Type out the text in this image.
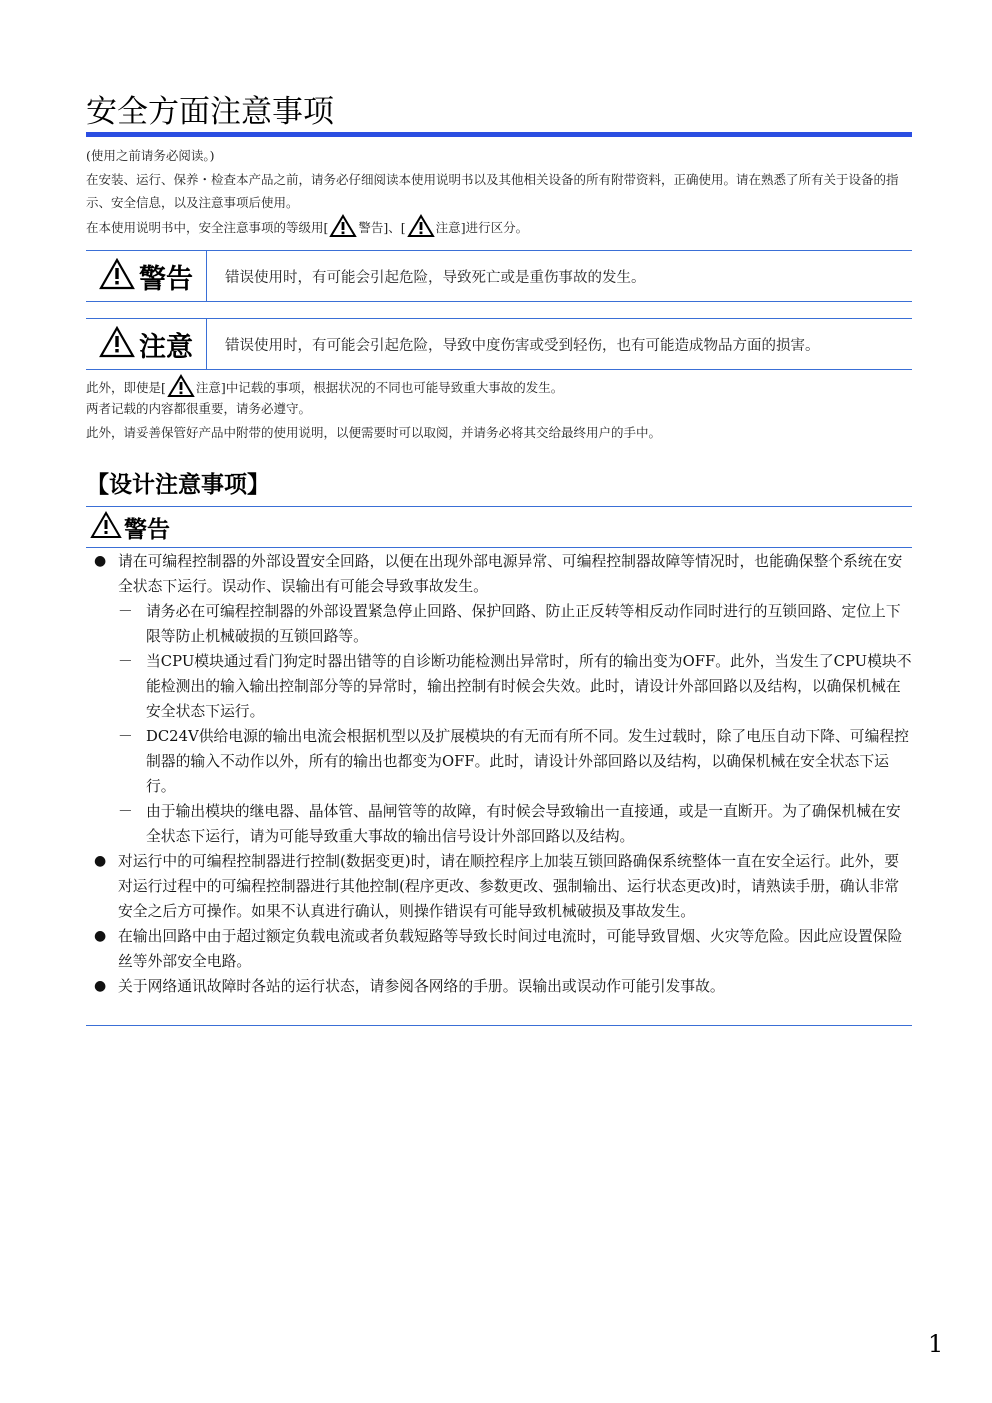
安全方面注意事项
(使用之前请务必阅读。)
在安装、运行、保养・检查本产品之前，请务必仔细阅读本使用说明书以及其他相关设备的所有附带资料，正确使用。请在熟悉了所有关于设备的指示、安全信息，以及注意事项后使用。
在本使用说明书中，安全注意事项的等级用[ 警告]、[ 注意]进行区分。
警告	错误使用时，有可能会引起危险，导致死亡或是重伤事故的发生。
注意	错误使用时，有可能会引起危险，导致中度伤害或受到轻伤，也有可能造成物品方面的损害。
此外，即使是[ 注意]中记载的事项，根据状况的不同也可能导致重大事故的发生。
两者记载的内容都很重要，请务必遵守。
此外，请妥善保管好产品中附带的使用说明，以便需要时可以取阅，并请务必将其交给最终用户的手中。
【设计注意事项】
警告
● 请在可编程控制器的外部设置安全回路，以便在出现外部电源异常、可编程控制器故障等情况时，也能确保整个系统在安全状态下运行。误动作、误输出有可能会导致事故发生。
－ 请务必在可编程控制器的外部设置紧急停止回路、保护回路、防止正反转等相反动作同时进行的互锁回路、定位上下限等防止机械破损的互锁回路等。
－ 当CPU模块通过看门狗定时器出错等的自诊断功能检测出异常时，所有的输出变为OFF。此外，当发生了CPU模块不能检测出的输入输出控制部分等的异常时，输出控制有时候会失效。此时，请设计外部回路以及结构，以确保机械在安全状态下运行。
－ DC24V供给电源的输出电流会根据机型以及扩展模块的有无而有所不同。发生过载时，除了电压自动下降、可编程控制器的输入不动作以外，所有的输出也都变为OFF。此时，请设计外部回路以及结构，以确保机械在安全状态下运行。
－ 由于输出模块的继电器、晶体管、晶闸管等的故障，有时候会导致输出一直接通，或是一直断开。为了确保机械在安全状态下运行，请为可能导致重大事故的输出信号设计外部回路以及结构。
● 对运行中的可编程控制器进行控制(数据变更)时，请在顺控程序上加装互锁回路确保系统整体一直在安全运行。此外，要对运行过程中的可编程控制器进行其他控制(程序更改、参数更改、强制输出、运行状态更改)时，请熟读手册，确认非常安全之后方可操作。如果不认真进行确认，则操作错误有可能导致机械破损及事故发生。
● 在输出回路中由于超过额定负载电流或者负载短路等导致长时间过电流时，可能导致冒烟、火灾等危险。因此应设置保险丝等外部安全电路。
● 关于网络通讯故障时各站的运行状态，请参阅各网络的手册。误输出或误动作可能引发事故。
1
